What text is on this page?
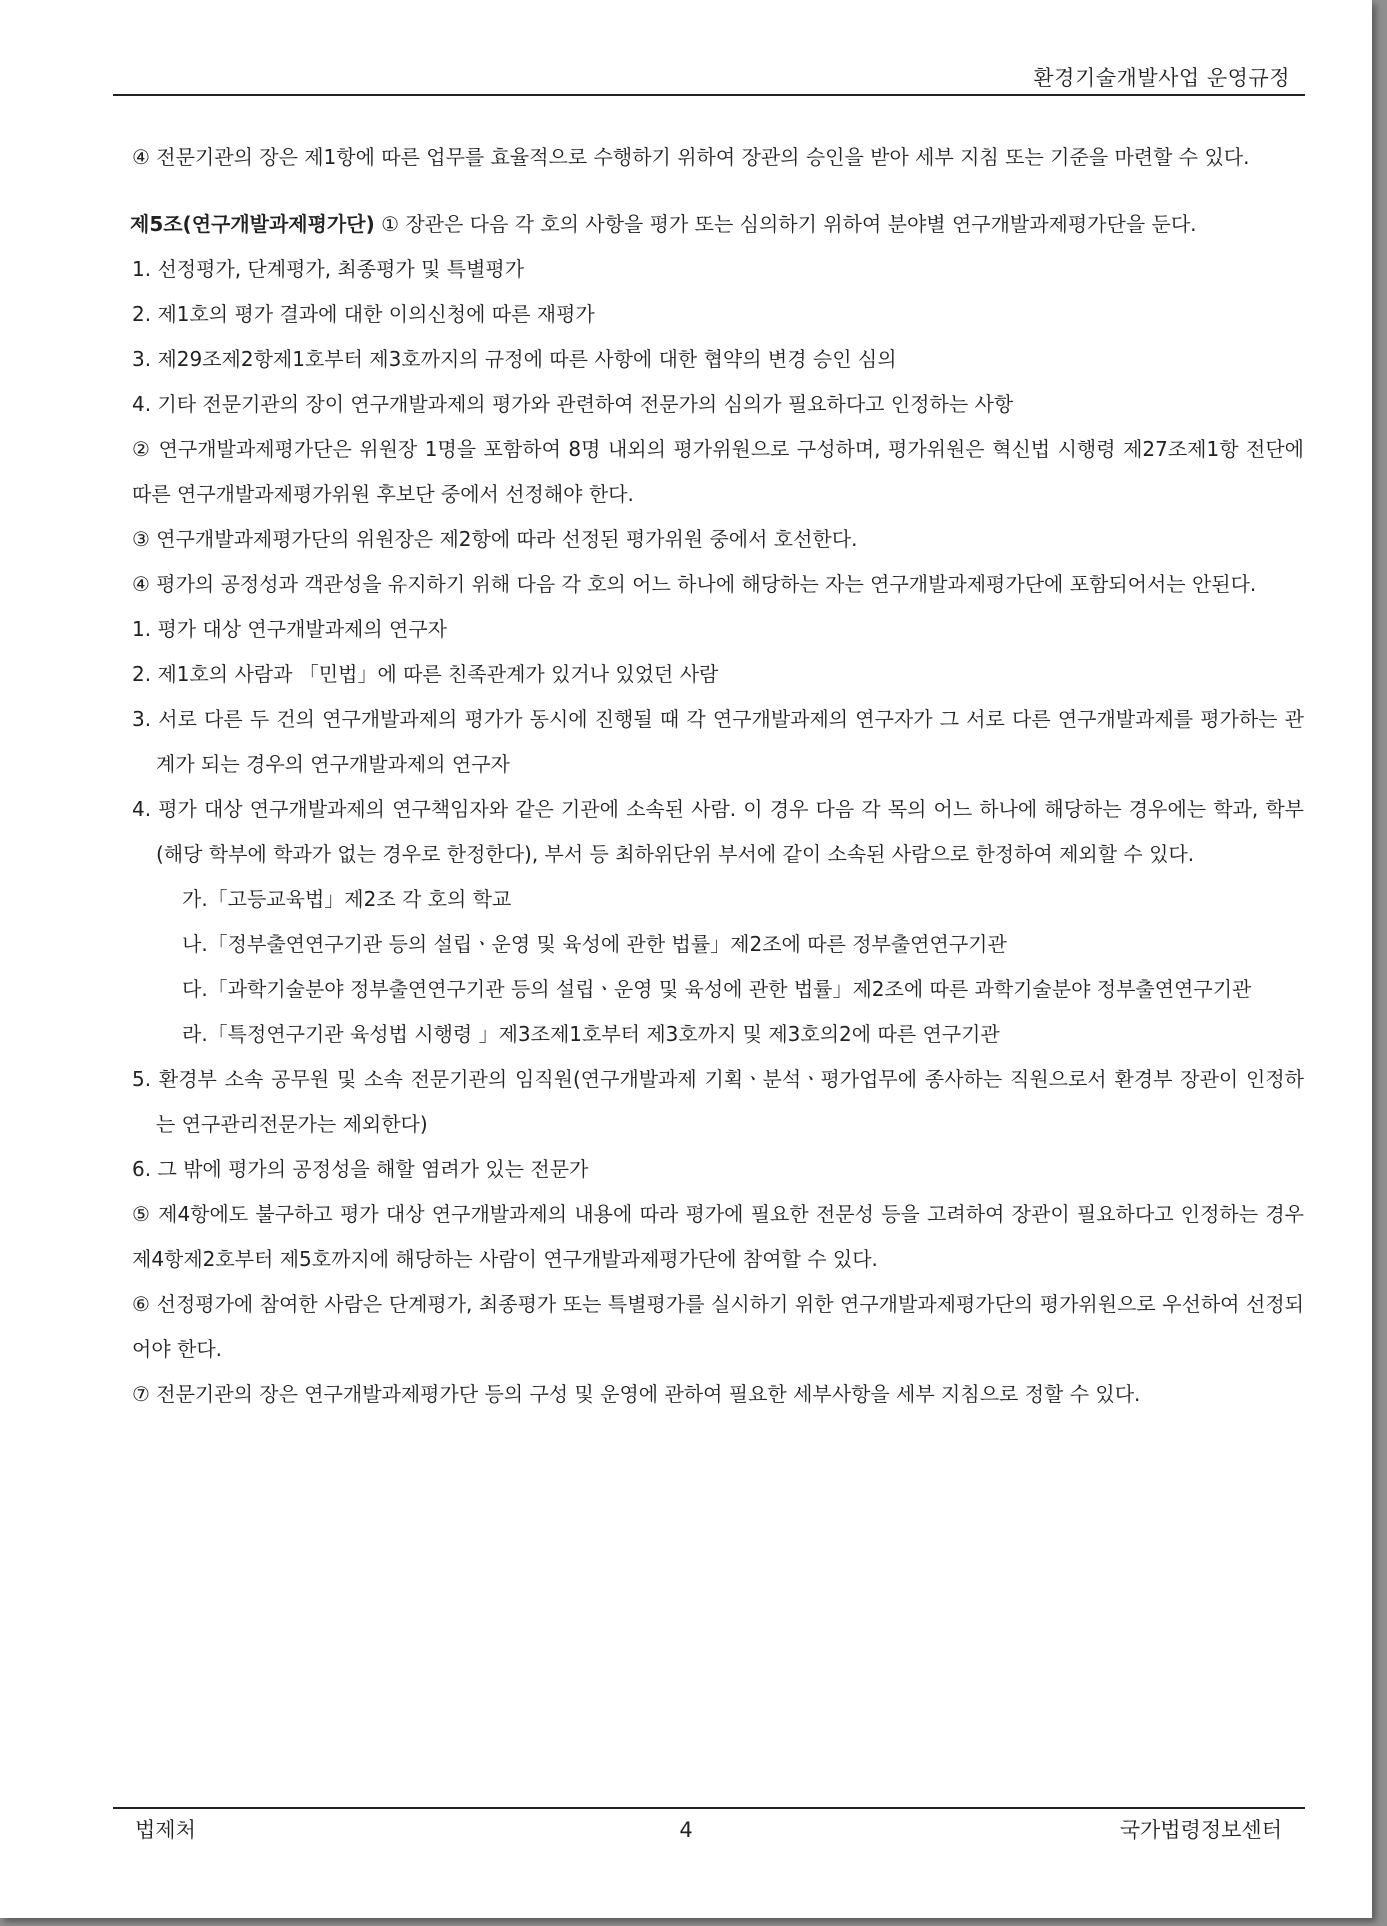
환경기술개발사업 운영규정

④ 전문기관의 장은 제1항에 따른 업무를 효율적으로 수행하기 위하여 장관의 승인을 받아 세부 지침 또는 기준을 마련할 수 있다.

제5조(연구개발과제평가단) ① 장관은 다음 각 호의 사항을 평가 또는 심의하기 위하여 분야별 연구개발과제평가단을 둔다.

1. 선정평가, 단계평가, 최종평가 및 특별평가

2. 제1호의 평가 결과에 대한 이의신청에 따른 재평가

3. 제29조제2항제1호부터 제3호까지의 규정에 따른 사항에 대한 협약의 변경 승인 심의

4. 기타 전문기관의 장이 연구개발과제의 평가와 관련하여 전문가의 심의가 필요하다고 인정하는 사항

② 연구개발과제평가단은 위원장 1명을 포함하여 8명 내외의 평가위원으로 구성하며, 평가위원은 혁신법 시행령 제27조제1항 전단에 따른 연구개발과제평가위원 후보단 중에서 선정해야 한다.

③ 연구개발과제평가단의 위원장은 제2항에 따라 선정된 평가위원 중에서 호선한다.

④ 평가의 공정성과 객관성을 유지하기 위해 다음 각 호의 어느 하나에 해당하는 자는 연구개발과제평가단에 포함되어서는 안된다.

1. 평가 대상 연구개발과제의 연구자

2. 제1호의 사람과 「민법」에 따른 친족관계가 있거나 있었던 사람

3. 서로 다른 두 건의 연구개발과제의 평가가 동시에 진행될 때 각 연구개발과제의 연구자가 그 서로 다른 연구개발과제를 평가하는 관계가 되는 경우의 연구개발과제의 연구자

4. 평가 대상 연구개발과제의 연구책임자와 같은 기관에 소속된 사람. 이 경우 다음 각 목의 어느 하나에 해당하는 경우에는 학과, 학부(해당 학부에 학과가 없는 경우로 한정한다), 부서 등 최하위단위 부서에 같이 소속된 사람으로 한정하여 제외할 수 있다.

가.「고등교육법」제2조 각 호의 학교

나.「정부출연연구기관 등의 설립ㆍ운영 및 육성에 관한 법률」제2조에 따른 정부출연연구기관

다.「과학기술분야 정부출연연구기관 등의 설립ㆍ운영 및 육성에 관한 법률」제2조에 따른 과학기술분야 정부출연연구기관

라.「특정연구기관 육성법 시행령 」제3조제1호부터 제3호까지 및 제3호의2에 따른 연구기관

5. 환경부 소속 공무원 및 소속 전문기관의 임직원(연구개발과제 기획ㆍ분석ㆍ평가업무에 종사하는 직원으로서 환경부 장관이 인정하는 연구관리전문가는 제외한다)

6. 그 밖에 평가의 공정성을 해할 염려가 있는 전문가

⑤ 제4항에도 불구하고 평가 대상 연구개발과제의 내용에 따라 평가에 필요한 전문성 등을 고려하여 장관이 필요하다고 인정하는 경우 제4항제2호부터 제5호까지에 해당하는 사람이 연구개발과제평가단에 참여할 수 있다.

⑥ 선정평가에 참여한 사람은 단계평가, 최종평가 또는 특별평가를 실시하기 위한 연구개발과제평가단의 평가위원으로 우선하여 선정되어야 한다.

⑦ 전문기관의 장은 연구개발과제평가단 등의 구성 및 운영에 관하여 필요한 세부사항을 세부 지침으로 정할 수 있다.

법제처	4	국가법령정보센터
